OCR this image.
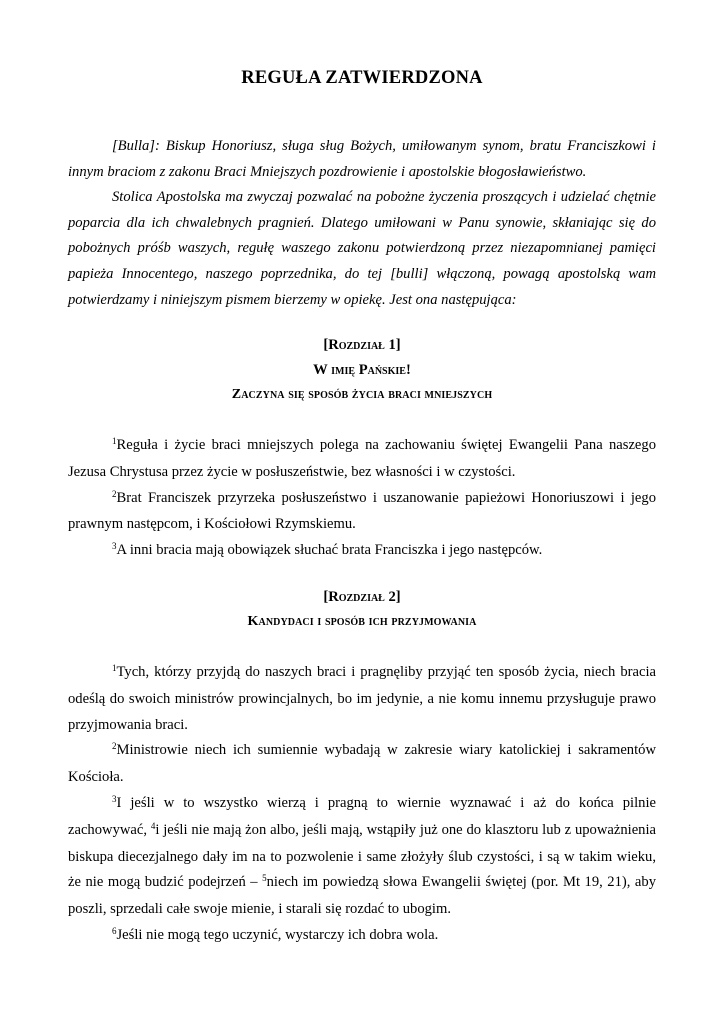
REGUŁA ZATWIERDZONA

[Bulla]: Biskup Honoriusz, sługa sług Bożych, umiłowanym synom, bratu Franciszkowi i innym braciom z zakonu Braci Mniejszych pozdrowienie i apostolskie błogosławieństwo.

Stolica Apostolska ma zwyczaj pozwalać na pobożne życzenia proszących i udzielać chętnie poparcia dla ich chwalebnych pragnień. Dlatego umiłowani w Panu synowie, skłaniając się do pobożnych próśb waszych, regułę waszego zakonu potwierdzoną przez niezapomnianej pamięci papieża Innocentego, naszego poprzednika, do tej [bulli] włączoną, powagą apostolską wam potwierdzamy i niniejszym pismem bierzemy w opiekę. Jest ona następująca:

[Rozdział 1]
W imię Pańskie!
Zaczyna się sposób życia braci mniejszych

$^1$Reguła i życie braci mniejszych polega na zachowaniu świętej Ewangelii Pana naszego Jezusa Chrystusa przez życie w posłuszeństwie, bez własności i w czystości.

$^2$Brat Franciszek przyrzeka posłuszeństwo i uszanowanie papieżowi Honoriuszowi i jego prawnym następcom, i Kościołowi Rzymskiemu.

$^3$A inni bracia mają obowiązek słuchać brata Franciszka i jego następców.

[Rozdział 2]
Kandydaci i sposób ich przyjmowania

$^1$Tych, którzy przyjdą do naszych braci i pragnęliby przyjąć ten sposób życia, niech bracia odeślą do swoich ministrów prowincjalnych, bo im jedynie, a nie komu innemu przysługuje prawo przyjmowania braci.

$^2$Ministrowie niech ich sumiennie wybadają w zakresie wiary katolickiej i sakramentów Kościoła.

$^3$I jeśli w to wszystko wierzą i pragną to wiernie wyznawać i aż do końca pilnie zachowywać, $^4$i jeśli nie mają żon albo, jeśli mają, wstąpiły już one do klasztoru lub z upoważnienia biskupa diecezjalnego dały im na to pozwolenie i same złożyły ślub czystości, i są w takim wieku, że nie mogą budzić podejrzeń – $^5$niech im powiedzą słowa Ewangelii świętej (por. Mt 19, 21), aby poszli, sprzedali całe swoje mienie, i starali się rozdać to ubogim.

$^6$Jeśli nie mogą tego uczynić, wystarczy ich dobra wola.
